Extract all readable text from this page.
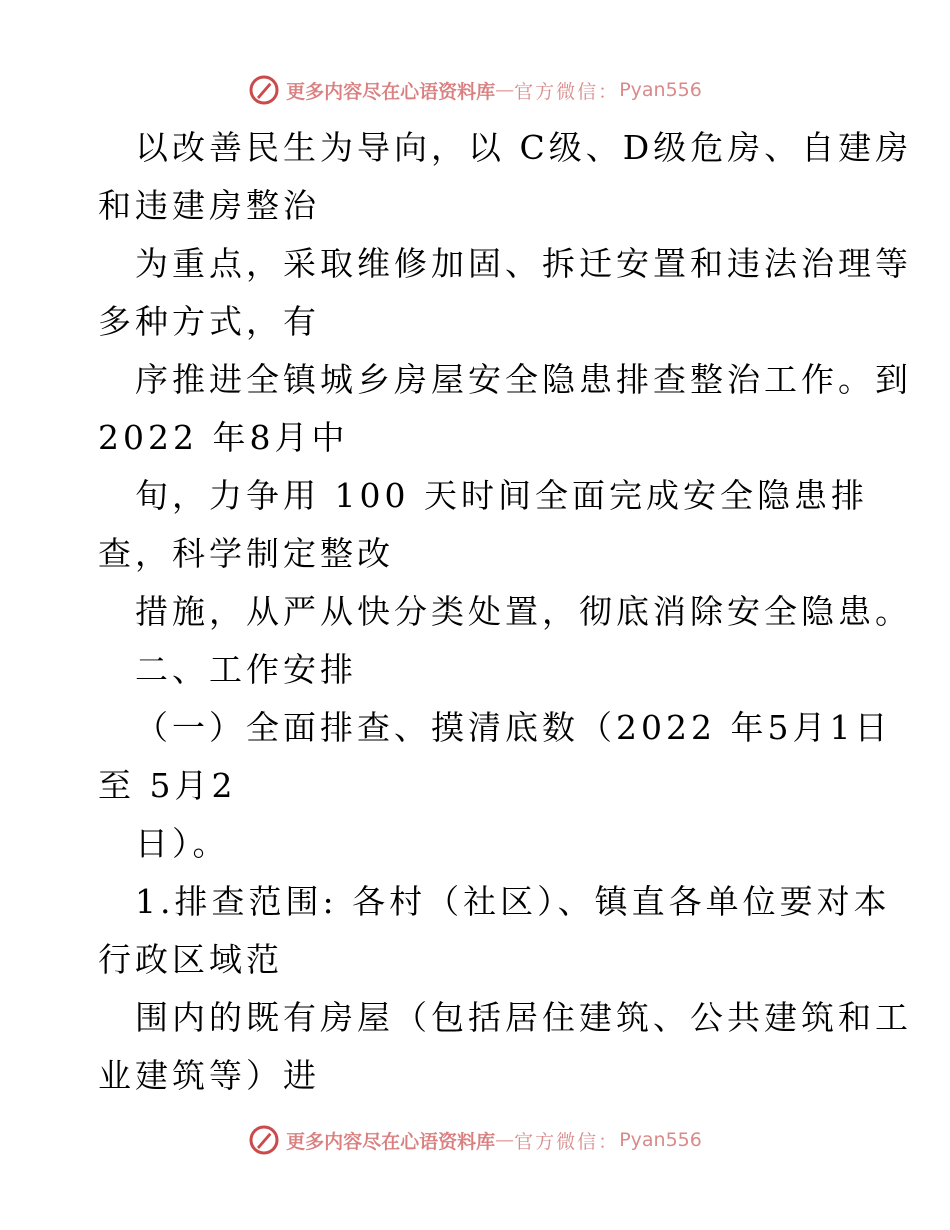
更多内容尽在心语资料库 — 官方微信： Pyan556
以改善民生为导向，以 C级、D级危房、自建房
和违建房整治
为重点，采取维修加固、拆迁安置和违法治理等
多种方式，有
序推进全镇城乡房屋安全隐患排查整治工作。到
2022 年8月中
旬，力争用 100 天时间全面完成安全隐患排
查，科学制定整改
措施，从严从快分类处置，彻底消除安全隐患。
二、工作安排
（一）全面排查、摸清底数（2022 年5月1日
至 5月2
日）。
1.排查范围: 各村（社区）、镇直各单位要对本
行政区域范
围内的既有房屋（包括居住建筑、公共建筑和工
业建筑等）进
更多内容尽在心语资料库 — 官方微信： Pyan556
